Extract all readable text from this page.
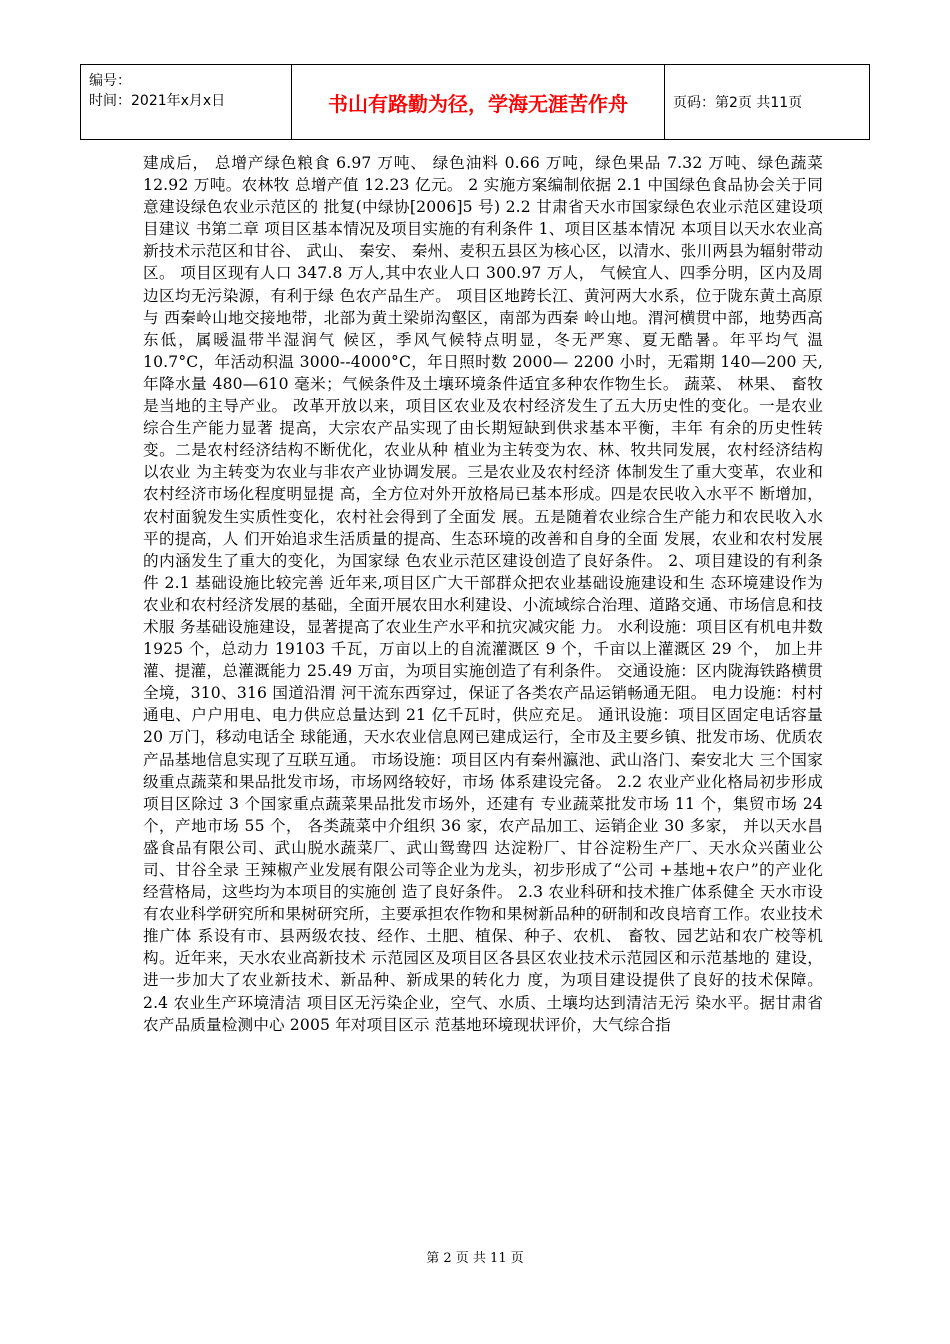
编号：
时间：2021年x月x日	书山有路勤为径，学海无涯苦作舟	页码：第2页 共11页

建成后， 总增产绿色粮食 6.97 万吨、 绿色油料 0.66 万吨，绿色果品 7.32 万吨、绿色蔬菜 12.92 万吨。农林牧 总增产值 12.23 亿元。 2 实施方案编制依据 2.1 中国绿色食品协会关于同意建设绿色农业示范区的 批复(中绿协[2006]5 号) 2.2 甘肃省天水市国家绿色农业示范区建设项目建议 书第二章 项目区基本情况及项目实施的有利条件 1、项目区基本情况 本项目以天水农业高新技术示范区和甘谷、 武山、 秦安、 秦州、麦积五县区为核心区，以清水、张川两县为辐射带动 区。 项目区现有人口 347.8 万人,其中农业人口 300.97 万人， 气候宜人、四季分明，区内及周边区均无污染源，有利于绿 色农产品生产。 项目区地跨长江、黄河两大水系，位于陇东黄土高原与 西秦岭山地交接地带，北部为黄土梁峁沟壑区，南部为西秦 岭山地。渭河横贯中部，地势西高东低，属暖温带半湿润气 候区，季风气候特点明显，冬无严寒、夏无酷暑。年平均气 温 10.7°C，年活动积温 3000--4000°C，年日照时数 2000— 2200 小时，无霜期 140—200 天,年降水量 480—610 毫米；气候条件及土壤环境条件适宜多种农作物生长。 蔬菜、 林果、 畜牧是当地的主导产业。 改革开放以来，项目区农业及农村经济发生了五大历史性的变化。一是农业综合生产能力显著 提高，大宗农产品实现了由长期短缺到供求基本平衡，丰年 有余的历史性转变。二是农村经济结构不断优化，农业从种 植业为主转变为农、林、牧共同发展，农村经济结构以农业 为主转变为农业与非农产业协调发展。三是农业及农村经济 体制发生了重大变革，农业和农村经济市场化程度明显提 高，全方位对外开放格局已基本形成。四是农民收入水平不 断增加，农村面貌发生实质性变化，农村社会得到了全面发 展。五是随着农业综合生产能力和农民收入水平的提高，人 们开始追求生活质量的提高、生态环境的改善和自身的全面 发展，农业和农村发展的内涵发生了重大的变化，为国家绿 色农业示范区建设创造了良好条件。 2、项目建设的有利条件 2.1 基础设施比较完善 近年来,项目区广大干部群众把农业基础设施建设和生 态环境建设作为农业和农村经济发展的基础，全面开展农田水利建设、小流域综合治理、道路交通、市场信息和技术服 务基础设施建设，显著提高了农业生产水平和抗灾减灾能 力。 水利设施：项目区有机电井数 1925 个，总动力 19103 千瓦，万亩以上的自流灌溉区 9 个，千亩以上灌溉区 29 个， 加上井灌、提灌，总灌溉能力 25.49 万亩，为项目实施创造了有利条件。 交通设施：区内陇海铁路横贯全境，310、316 国道沿渭 河干流东西穿过，保证了各类农产品运销畅通无阻。 电力设施：村村通电、户户用电、电力供应总量达到 21 亿千瓦时，供应充足。 通讯设施：项目区固定电话容量 20 万门，移动电话全 球能通，天水农业信息网已建成运行，全市及主要乡镇、批发市场、优质农产品基地信息实现了互联互通。 市场设施：项目区内有秦州瀛池、武山洛门、秦安北大 三个国家级重点蔬菜和果品批发市场，市场网络较好，市场 体系建设完备。 2.2 农业产业化格局初步形成 项目区除过 3 个国家重点蔬菜果品批发市场外，还建有 专业蔬菜批发市场 11 个，集贸市场 24 个，产地市场 55 个， 各类蔬菜中介组织 36 家，农产品加工、运销企业 30 多家， 并以天水昌盛食品有限公司、武山脱水蔬菜厂、武山鸳鸯四 达淀粉厂、甘谷淀粉生产厂、天水众兴菌业公司、甘谷全录 王辣椒产业发展有限公司等企业为龙头，初步形成了“公司 +基地+农户”的产业化经营格局，这些均为本项目的实施创 造了良好条件。 2.3 农业科研和技术推广体系健全 天水市设有农业科学研究所和果树研究所，主要承担农作物和果树新品种的研制和改良培育工作。农业技术推广体 系设有市、县两级农技、经作、土肥、植保、种子、农机、 畜牧、园艺站和农广校等机构。近年来，天水农业高新技术 示范园区及项目区各县区农业技术示范园区和示范基地的 建设，进一步加大了农业新技术、新品种、新成果的转化力 度，为项目建设提供了良好的技术保障。 2.4 农业生产环境清洁 项目区无污染企业，空气、水质、土壤均达到清洁无污 染水平。据甘肃省农产品质量检测中心 2005 年对项目区示 范基地环境现状评价，大气综合指

第 2 页 共 11 页
